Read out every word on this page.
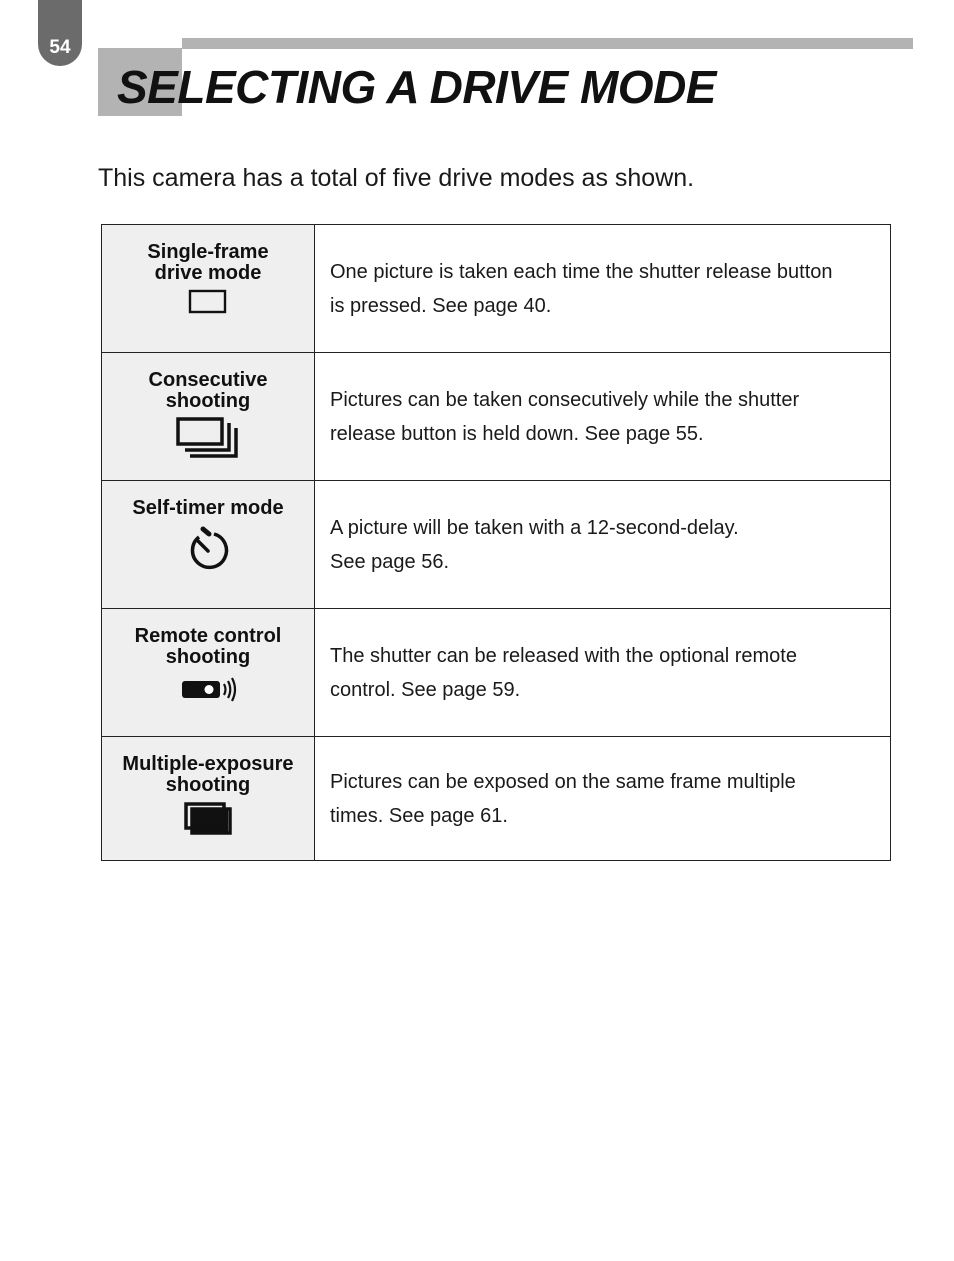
54
SELECTING A DRIVE MODE

This camera has a total of five drive modes as shown.

Single-frame
drive mode	One picture is taken each time the shutter release button
is pressed. See page 40.

Consecutive
shooting	Pictures can be taken consecutively while the shutter
release button is held down. See page 55.

Self-timer mode	A picture will be taken with a 12-second-delay.
See page 56.

Remote control
shooting	The shutter can be released with the optional remote
control. See page 59.

Multiple-exposure
shooting	Pictures can be exposed on the same frame multiple
times. See page 61.
